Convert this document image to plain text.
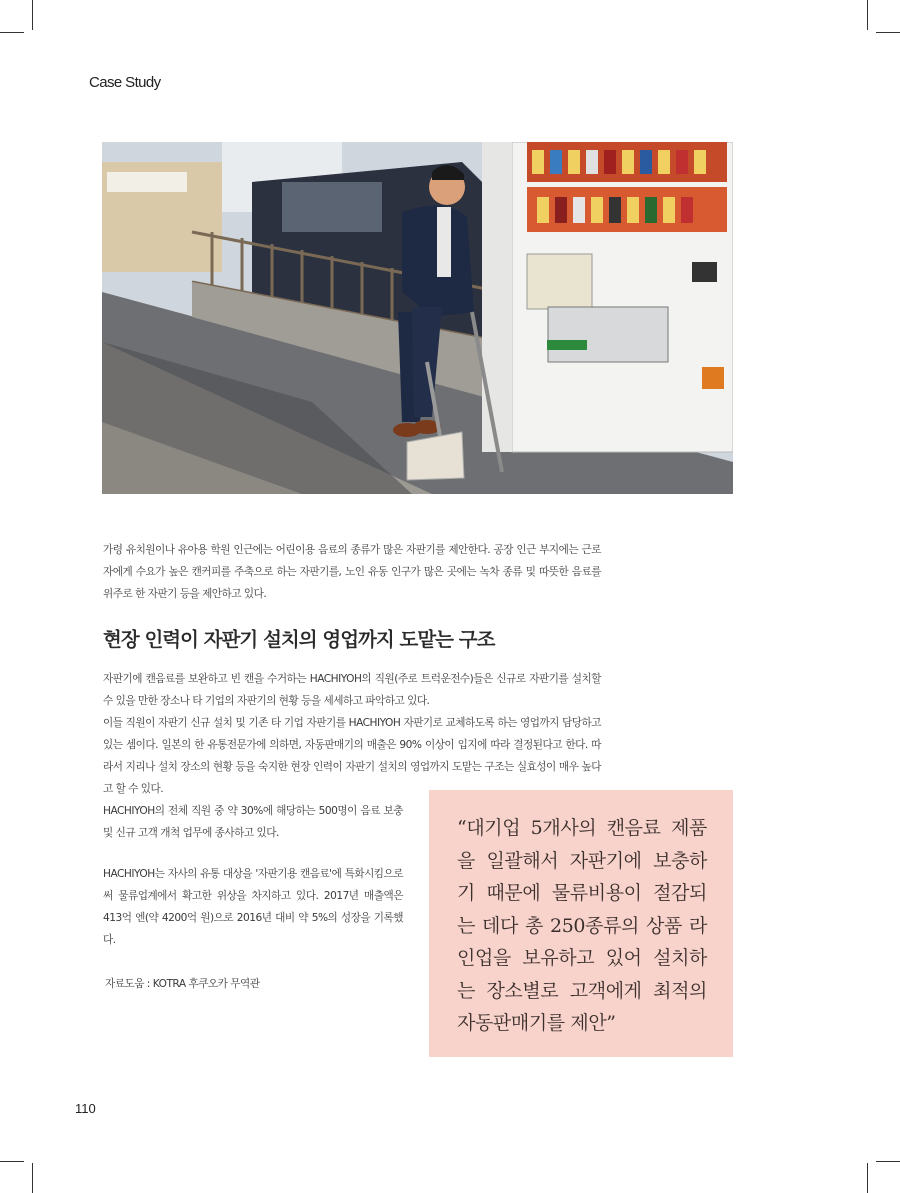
Case Study

가령 유치원이나 유아용 학원 인근에는 어린이용 음료의 종류가 많은 자판기를 제안한다. 공장 인근 부지에는 근로자에게 수요가 높은 캔커피를 주축으로 하는 자판기를, 노인 유동 인구가 많은 곳에는 녹차 종류 및 따뜻한 음료를 위주로 한 자판기 등을 제안하고 있다.

현장 인력이 자판기 설치의 영업까지 도맡는 구조

자판기에 캔음료를 보완하고 빈 캔을 수거하는 HACHIYOH의 직원(주로 트럭운전수)들은 신규로 자판기를 설치할 수 있을 만한 장소나 타 기업의 자판기의 현황 등을 세세하고 파악하고 있다.

이들 직원이 자판기 신규 설치 및 기존 타 기업 자판기를 HACHIYOH 자판기로 교체하도록 하는 영업까지 담당하고 있는 셈이다. 일본의 한 유통전문가에 의하면, 자동판매기의 매출은 90% 이상이 입지에 따라 결정된다고 한다. 따라서 지리나 설치 장소의 현황 등을 숙지한 현장 인력이 자판기 설치의 영업까지 도맡는 구조는 실효성이 매우 높다고 할 수 있다.

HACHIYOH의 전체 직원 중 약 30%에 해당하는 500명이 음료 보충 및 신규 고객 개척 업무에 종사하고 있다.

HACHIYOH는 자사의 유통 대상을 '자판기용 캔음료'에 특화시킴으로써 물류업계에서 확고한 위상을 차지하고 있다. 2017년 매출액은 413억 엔(약 4200억 원)으로 2016년 대비 약 5%의 성장을 기록했다.

자료도움 : KOTRA 후쿠오카 무역관

“대기업 5개사의 캔음료 제품을 일괄해서 자판기에 보충하기 때문에 물류비용이 절감되는 데다 총 250종류의 상품 라인업을 보유하고 있어 설치하는 장소별로 고객에게 최적의 자동판매기를 제안”

110
